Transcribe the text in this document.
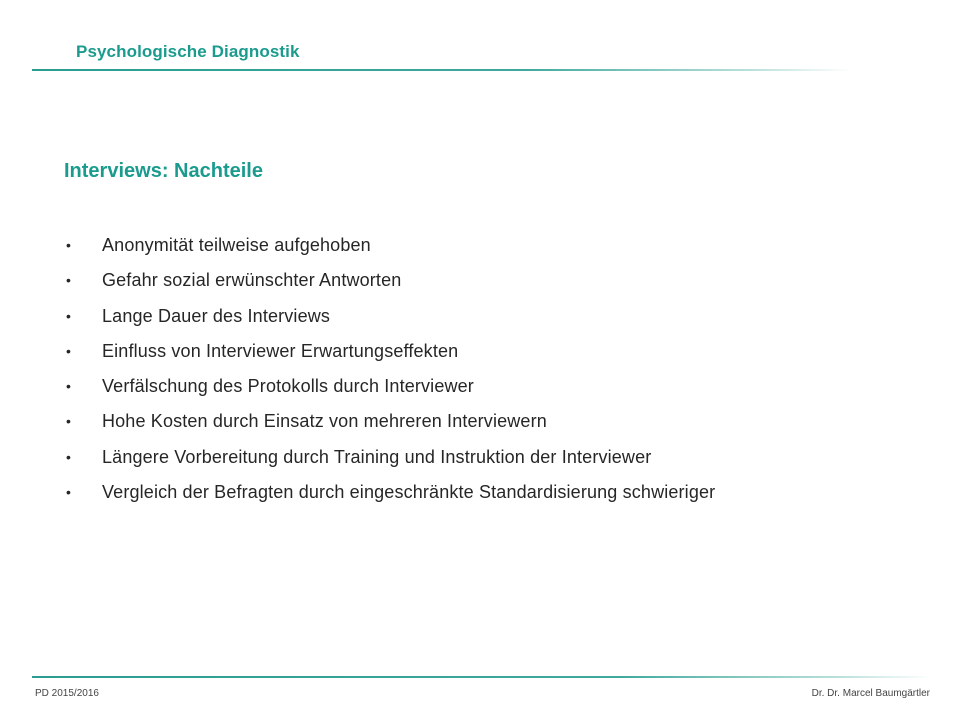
Psychologische Diagnostik
Interviews: Nachteile
• Anonymität teilweise aufgehoben
• Gefahr sozial erwünschter Antworten
• Lange Dauer des Interviews
• Einfluss von Interviewer Erwartungseffekten
• Verfälschung des Protokolls durch Interviewer
• Hohe Kosten durch Einsatz von mehreren Interviewern
• Längere Vorbereitung durch Training und Instruktion der Interviewer
• Vergleich der Befragten durch eingeschränkte Standardisierung schwieriger
PD 2015/2016	Dr. Dr. Marcel Baumgärtler
